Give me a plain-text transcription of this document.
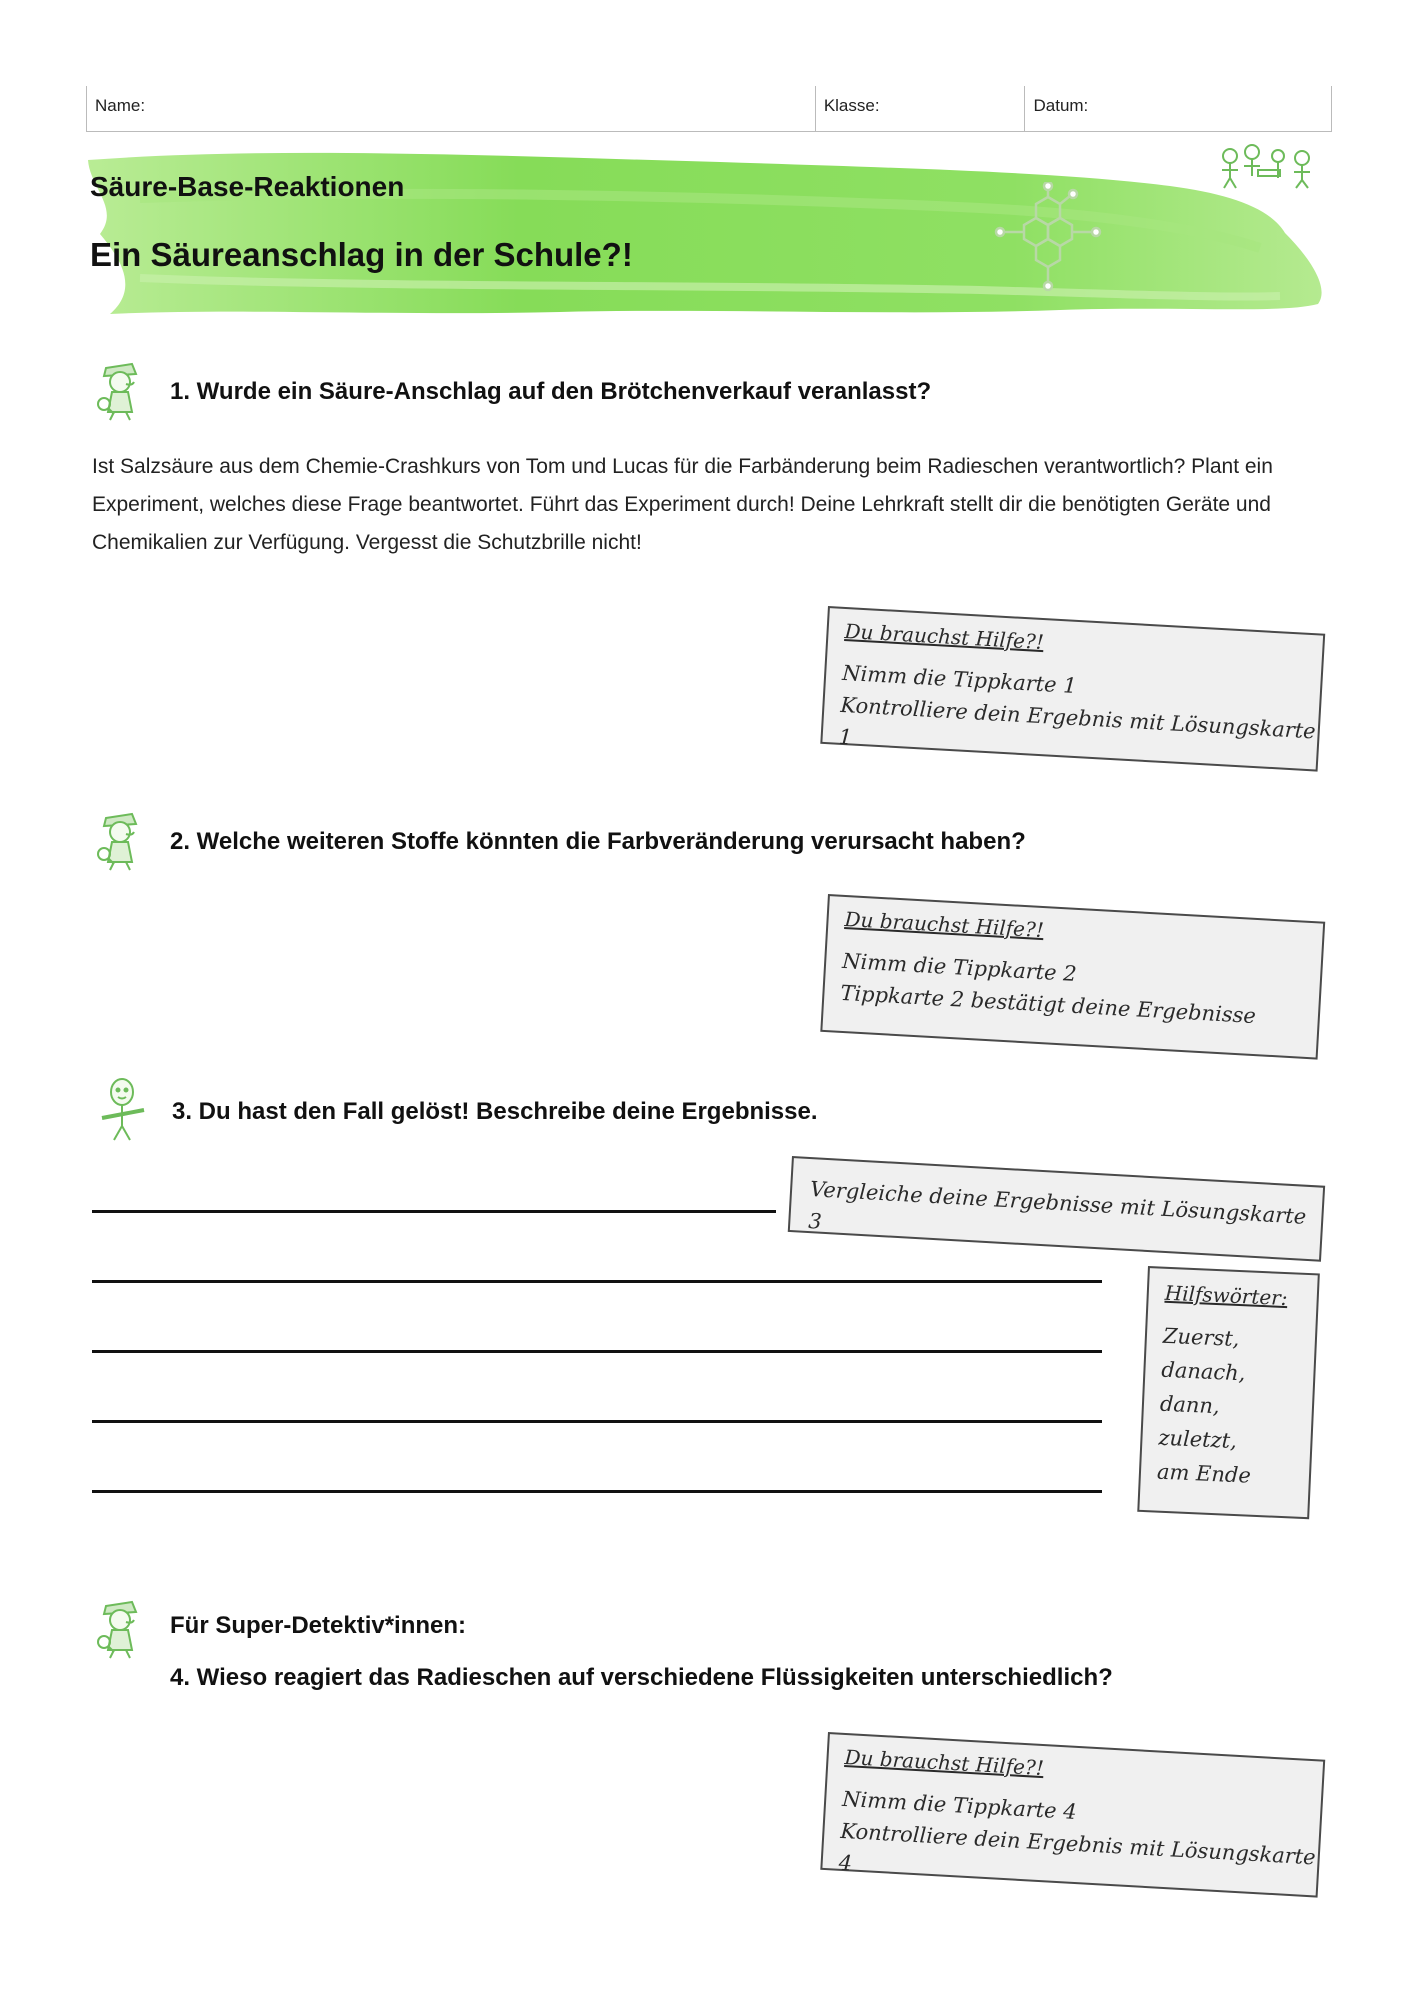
Name:	Klasse:	Datum:
Säure-Base-Reaktionen
Ein Säureanschlag in der Schule?!
1. Wurde ein Säure-Anschlag auf den Brötchenverkauf veranlasst?
Ist Salzsäure aus dem Chemie-Crashkurs von Tom und Lucas für die Farbänderung beim Radieschen verantwortlich? Plant ein Experiment, welches diese Frage beantwortet. Führt das Experiment durch! Deine Lehrkraft stellt dir die benötigten Geräte und Chemikalien zur Verfügung. Vergesst die Schutzbrille nicht!
Du brauchst Hilfe?!
Nimm die Tippkarte 1
Kontrolliere dein Ergebnis mit Lösungskarte 1
2. Welche weiteren Stoffe könnten die Farbveränderung verursacht haben?
Du brauchst Hilfe?!
Nimm die Tippkarte 2
Tippkarte 2 bestätigt deine Ergebnisse
3. Du hast den Fall gelöst! Beschreibe deine Ergebnisse.
Vergleiche deine Ergebnisse mit Lösungskarte 3
Hilfswörter:
Zuerst,
danach,
dann,
zuletzt,
am Ende
Für Super-Detektiv*innen:
4. Wieso reagiert das Radieschen auf verschiedene Flüssigkeiten unterschiedlich?
Du brauchst Hilfe?!
Nimm die Tippkarte 4
Kontrolliere dein Ergebnis mit Lösungskarte 4
